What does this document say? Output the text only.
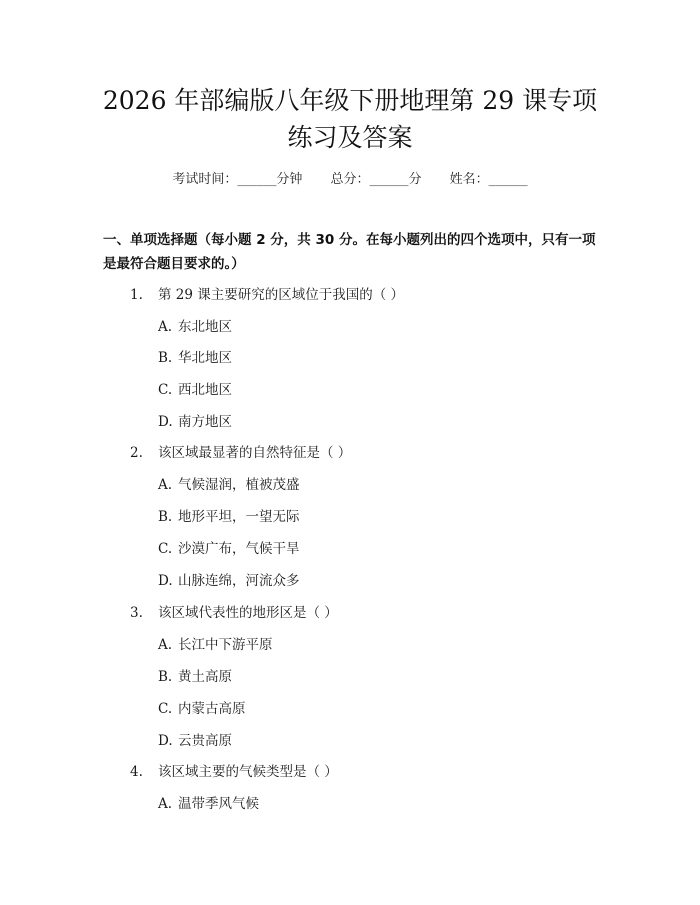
2026 年部编版八年级下册地理第 29 课专项
练习及答案
考试时间：______分钟 总分：______分 姓名：______
一、单项选择题（每小题 2 分，共 30 分。在每小题列出的四个选项中，只有一项是最符合题目要求的。）
1. 第 29 课主要研究的区域位于我国的（ ）
A. 东北地区
B. 华北地区
C. 西北地区
D. 南方地区
2. 该区域最显著的自然特征是（ ）
A. 气候湿润，植被茂盛
B. 地形平坦，一望无际
C. 沙漠广布，气候干旱
D. 山脉连绵，河流众多
3. 该区域代表性的地形区是（ ）
A. 长江中下游平原
B. 黄土高原
C. 内蒙古高原
D. 云贵高原
4. 该区域主要的气候类型是（ ）
A. 温带季风气候
